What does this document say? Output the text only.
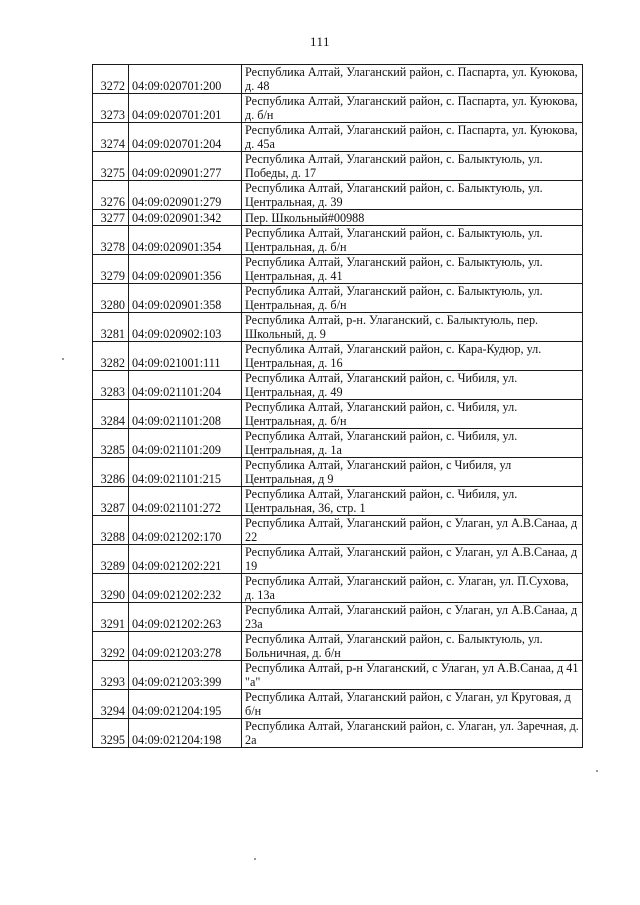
111
3272	04:09:020701:200	Республика Алтай, Улаганский район, с. Паспарта, ул. Куюкова, д. 48
3273	04:09:020701:201	Республика Алтай, Улаганский район, с. Паспарта, ул. Куюкова, д. б/н
3274	04:09:020701:204	Республика Алтай, Улаганский район, с. Паспарта, ул. Куюкова, д. 45а
3275	04:09:020901:277	Республика Алтай, Улаганский район, с. Балыктуюль, ул. Победы, д. 17
3276	04:09:020901:279	Республика Алтай, Улаганский район, с. Балыктуюль, ул. Центральная, д. 39
3277	04:09:020901:342	Пер. Школьный#00988
3278	04:09:020901:354	Республика Алтай, Улаганский район, с. Балыктуюль, ул. Центральная, д. б/н
3279	04:09:020901:356	Республика Алтай, Улаганский район, с. Балыктуюль, ул. Центральная, д. 41
3280	04:09:020901:358	Республика Алтай, Улаганский район, с. Балыктуюль, ул. Центральная, д. б/н
3281	04:09:020902:103	Республика Алтай, р-н. Улаганский, с. Балыктуюль, пер. Школьный, д. 9
3282	04:09:021001:111	Республика Алтай, Улаганский район, с. Кара-Кудюр, ул. Центральная, д. 16
3283	04:09:021101:204	Республика Алтай, Улаганский район, с. Чибиля, ул. Центральная, д. 49
3284	04:09:021101:208	Республика Алтай, Улаганский район, с. Чибиля, ул. Центральная, д. б/н
3285	04:09:021101:209	Республика Алтай, Улаганский район, с. Чибиля, ул. Центральная, д. 1а
3286	04:09:021101:215	Республика Алтай, Улаганский район, с Чибиля, ул Центральная, д 9
3287	04:09:021101:272	Республика Алтай, Улаганский район, с. Чибиля, ул. Центральная, 36, стр. 1
3288	04:09:021202:170	Республика Алтай, Улаганский район, с Улаган, ул А.В.Санаа, д 22
3289	04:09:021202:221	Республика Алтай, Улаганский район, с Улаган, ул А.В.Санаа, д 19
3290	04:09:021202:232	Республика Алтай, Улаганский район, с. Улаган, ул. П.Сухова, д. 13а
3291	04:09:021202:263	Республика Алтай, Улаганский район, с Улаган, ул А.В.Санаа, д 23а
3292	04:09:021203:278	Республика Алтай, Улаганский район, с. Балыктуюль, ул. Больничная, д. б/н
3293	04:09:021203:399	Республика Алтай, р-н Улаганский, с Улаган, ул А.В.Санаа, д 41 "а"
3294	04:09:021204:195	Республика Алтай, Улаганский район, с Улаган, ул Круговая, д б/н
3295	04:09:021204:198	Республика Алтай, Улаганский район, с. Улаган, ул. Заречная, д. 2а
